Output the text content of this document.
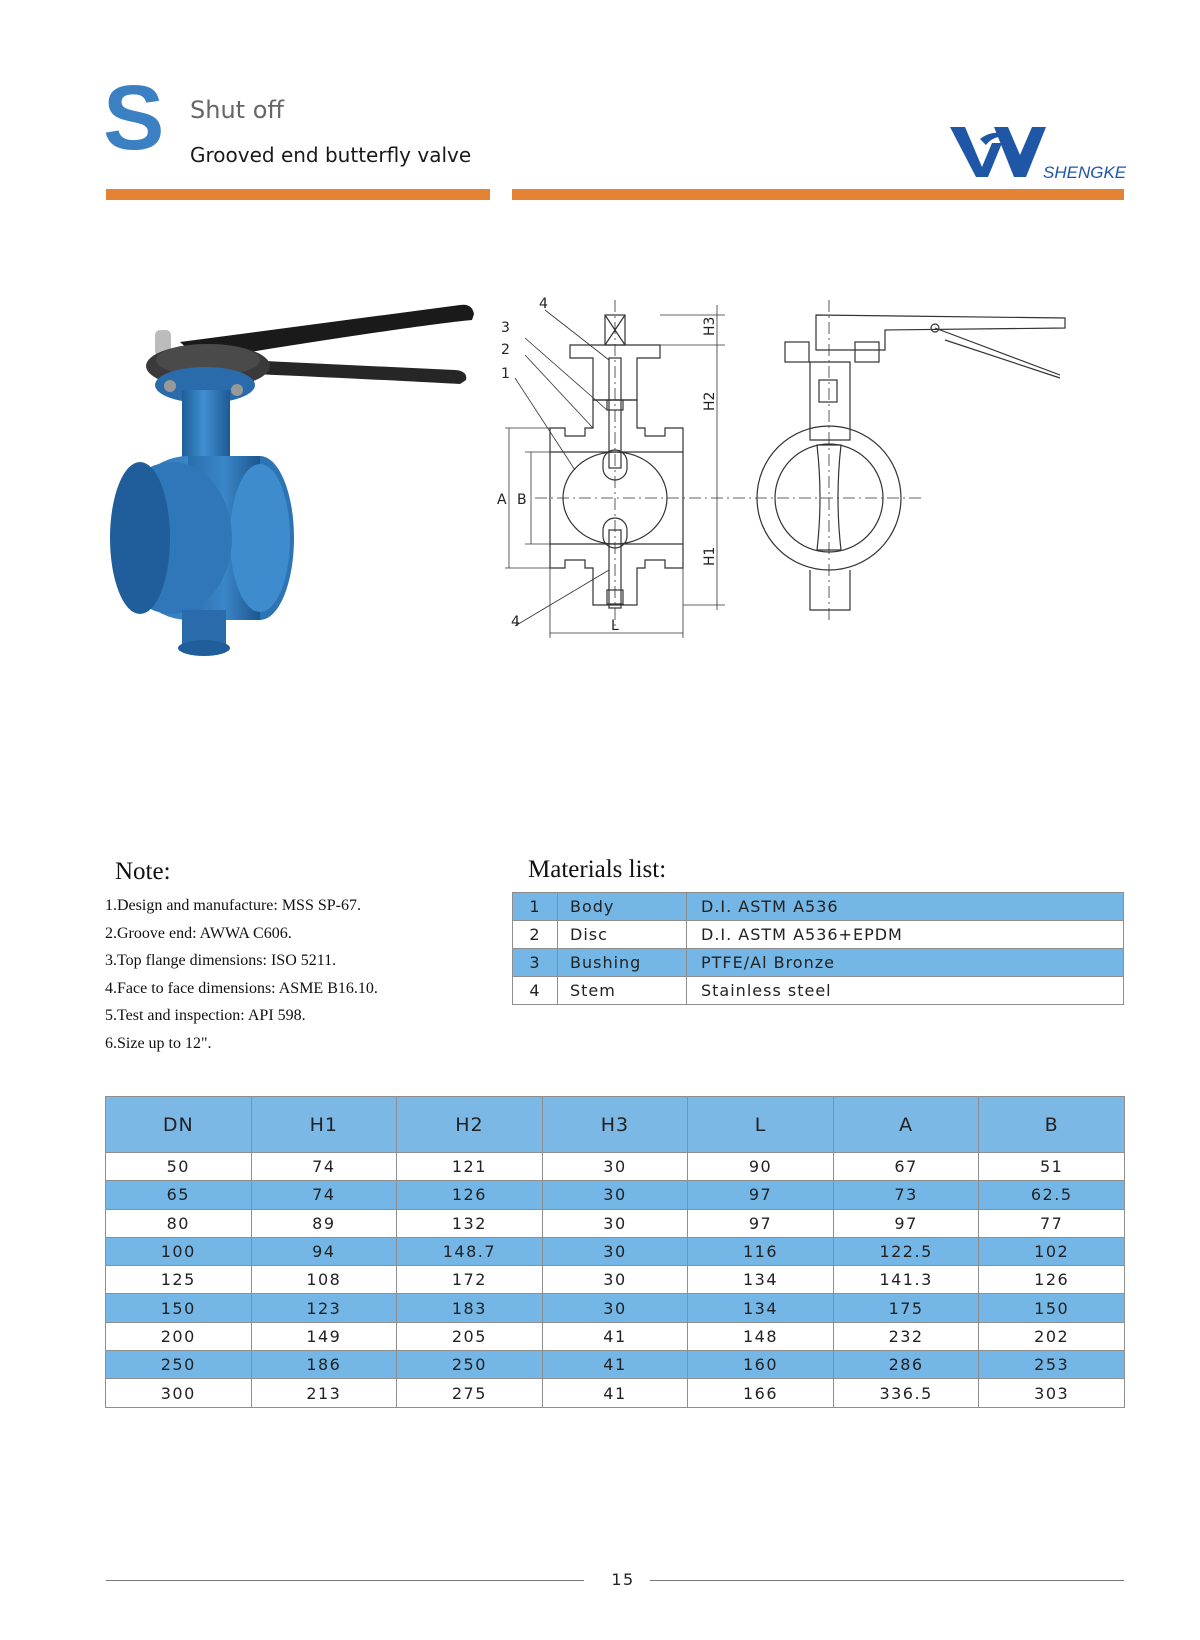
S Shut off
Grooved end butterfly valve
SHENGKE
4
3
2
1
4
A B
L
H1
H2
H3
Note:
1.Design and manufacture: MSS SP-67.
2.Groove end: AWWA C606.
3.Top flange dimensions: ISO 5211.
4.Face to face dimensions: ASME B16.10.
5.Test and inspection: API 598.
6.Size up to 12".
Materials list:
1	Body	D.I. ASTM A536
2	Disc	D.I. ASTM A536+EPDM
3	Bushing	PTFE/Al Bronze
4	Stem	Stainless steel
DN	H1	H2	H3	L	A	B
50	74	121	30	90	67	51
65	74	126	30	97	73	62.5
80	89	132	30	97	97	77
100	94	148.7	30	116	122.5	102
125	108	172	30	134	141.3	126
150	123	183	30	134	175	150
200	149	205	41	148	232	202
250	186	250	41	160	286	253
300	213	275	41	166	336.5	303
15
